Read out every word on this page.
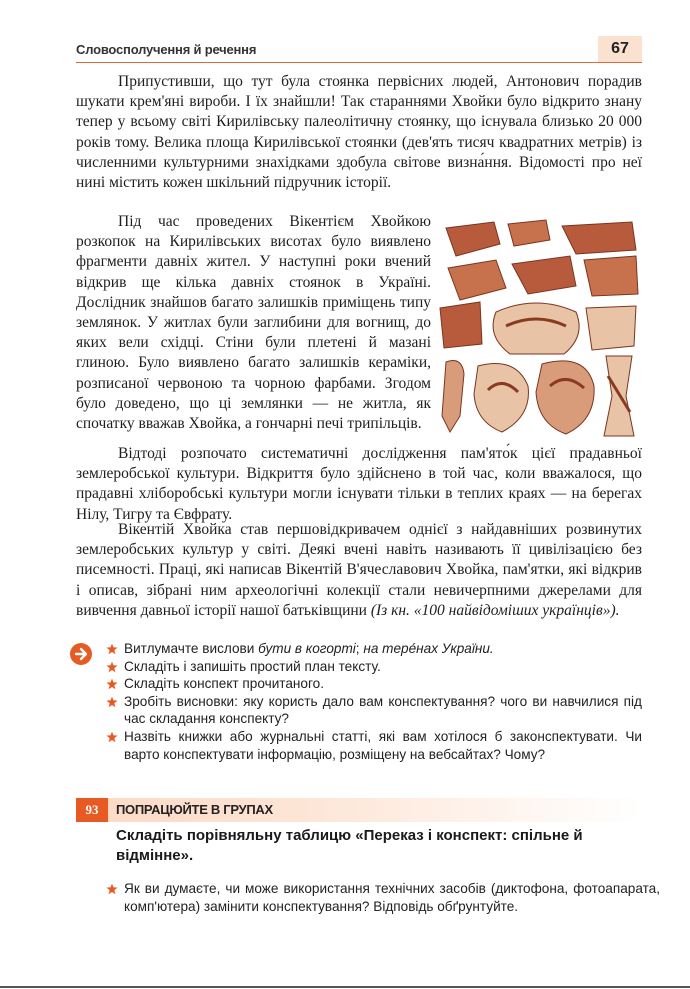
Словосполучення й речення	67

Припустивши, що тут була стоянка первісних людей, Антонович порадив шукати крем'яні вироби. І їх знайшли! Так стараннями Хвойки було відкрито знану тепер у всьому світі Кирилівську палеолітичну стоянку, що існувала близько 20 000 років тому. Велика площа Кирилівської стоянки (дев'ять тисяч квадратних метрів) із численними культурними знахідками здобула світове визна́ння. Відомості про неї нині містить кожен шкільний підручник історії.

Під час проведених Вікентієм Хвойкою розкопок на Кирилівських висотах було виявлено фрагменти давніх жител. У наступні роки вчений відкрив ще кілька давніх стоянок в Україні. Дослідник знайшов багато залишків приміщень типу землянок. У житлах були заглибини для вогнищ, до яких вели східці. Стіни були плетені й мазані глиною. Було виявлено багато залишків кераміки, розписаної червоною та чорною фарбами. Згодом було доведено, що ці землянки — не житла, як спочатку вважав Хвойка, а гончарні печі трипільців.

Відтоді розпочато систематичні дослідження пам'ято́к цієї прадавньої землеробської культури. Відкриття було здійснено в той час, коли вважалося, що прадавні хліборобські культури могли існувати тільки в теплих краях — на берегах Нілу, Тигру та Євфрату.

Вікентій Хвойка став першовідкривачем однієї з найдавніших розвинутих землеробських культур у світі. Деякі вчені навіть називають її цивілізацією без писемності. Праці, які написав Вікентій В'ячеславович Хвойка, пам'ятки, які відкрив і описав, зібрані ним археологічні колекції стали невичерпними джерелами для вивчення давньої історії нашої батьківщини (Із кн. «100 найвідоміших українців»).

Витлумачте вислови бути в когорті; на тере́нах України.
Складіть і запишіть простий план тексту.
Складіть конспект прочитаного.
Зробіть висновки: яку користь дало вам конспектування? чого ви навчилися під час складання конспекту?
Назвіть книжки або журнальні статті, які вам хотілося б законспектувати. Чи варто конспектувати інформацію, розміщену на вебсайтах? Чому?
93	ПОПРАЦЮЙТЕ В ГРУПАХ
Складіть порівняльну таблицю «Переказ і конспект: спільне й відмінне».
Як ви думаєте, чи може використання технічних засобів (диктофона, фотоапарата, комп'ютера) замінити конспектування? Відповідь обґрунтуйте.
